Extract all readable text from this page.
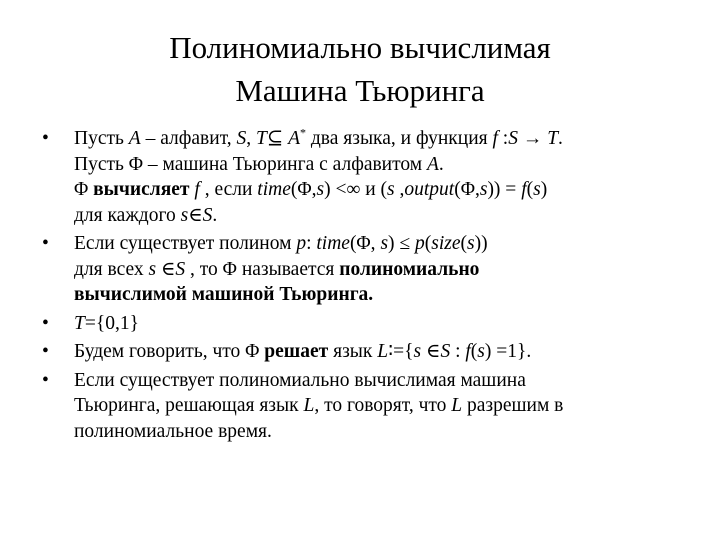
Полиномиально вычислимая
Машина Тьюринга
• Пусть A – алфавит, S, T⊆ A* два языка, и функция f :S → T.
Пусть Φ – машина Тьюринга с алфавитом A.
Φ вычисляет f , если time(Φ,s) <∞ и (s ,output(Φ,s)) = f(s)
для каждого s∈S.
• Если существует полином p: time(Φ, s) ≤ p(size(s))
для всех s ∈S , то Φ называется полиномиально
вычислимой машиной Тьюринга.
• T={0,1}
• Будем говорить, что Φ решает язык L∶={s ∈S : f(s) =1}.
• Если существует полиномиально вычислимая машина
Тьюринга, решающая язык L, то говорят, что L разрешим в
полиномиальное время.
